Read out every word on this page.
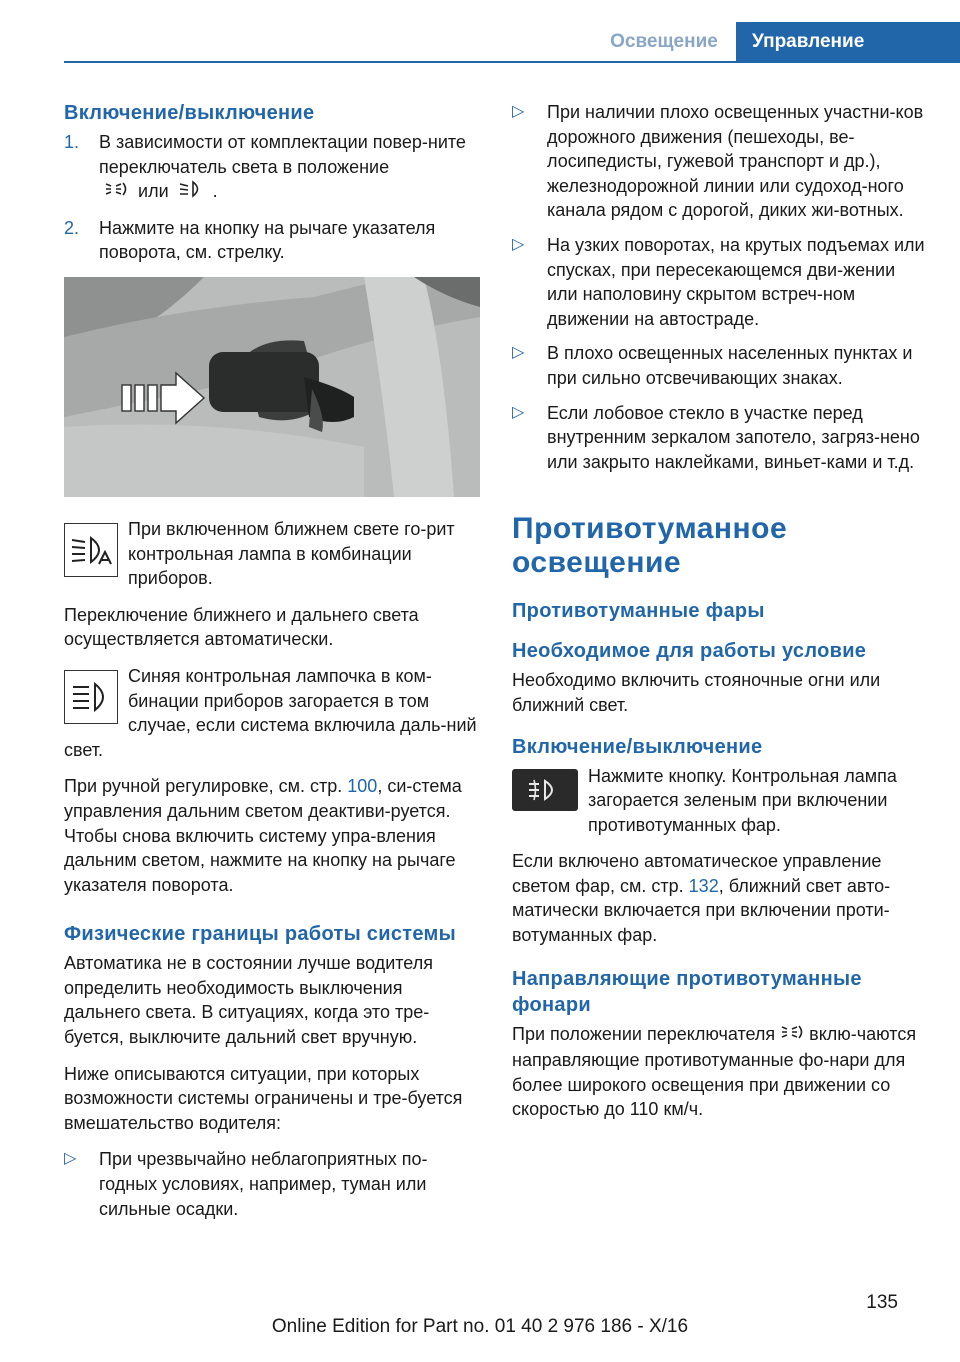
Освещение	Управление
Включение/выключение
1. В зависимости от комплектации повер‐ните переключатель света в положение
или .
2. Нажмите на кнопку на рычаге указателя поворота, см. стрелку.
При включенном ближнем свете го‐рит контрольная лампа в комбинации приборов.

Переключение ближнего и дальнего света осуществляется автоматически.

Синяя контрольная лампочка в ком‐бинации приборов загорается в том случае, если система включила даль‐ний свет.

При ручной регулировке, см. стр. 100, си‐стема управления дальним светом деактиви‐руется. Чтобы снова включить систему упра‐вления дальним светом, нажмите на кнопку на рычаге указателя поворота.

Физические границы работы системы

Автоматика не в состоянии лучше водителя определить необходимость выключения дальнего света. В ситуациях, когда это тре‐буется, выключите дальний свет вручную.

Ниже описываются ситуации, при которых возможности системы ограничены и тре‐буется вмешательство водителя:

▷ При чрезвычайно неблагоприятных по‐годных условиях, например, туман или сильные осадки.
▷ При наличии плохо освещенных участни‐ков дорожного движения (пешеходы, ве‐лосипедисты, гужевой транспорт и др.), железнодорожной линии или судоход‐ного канала рядом с дорогой, диких жи‐вотных.
▷ На узких поворотах, на крутых подъемах или спусках, при пересекающемся дви‐жении или наполовину скрытом встреч‐ном движении на автостраде.
▷ В плохо освещенных населенных пунктах и при сильно отсвечивающих знаках.
▷ Если лобовое стекло в участке перед внутренним зеркалом запотело, загряз‐нено или закрыто наклейками, виньет‐ками и т.д.
Противотуманное освещение
Противотуманные фары
Необходимое для работы условие

Необходимо включить стояночные огни или ближний свет.

Включение/выключение
Нажмите кнопку. Контрольная лампа загорается зеленым при включении противотуманных фар.

Если включено автоматическое управление светом фар, см. стр. 132, ближний свет авто‐матически включается при включении проти‐вотуманных фар.

Направляющие противотуманные фонари

При положении переключателя вклю‐чаются направляющие противотуманные фо‐нари для более широкого освещения при движении со скоростью до 110 км/ч.

135
Online Edition for Part no. 01 40 2 976 186 - X/16
